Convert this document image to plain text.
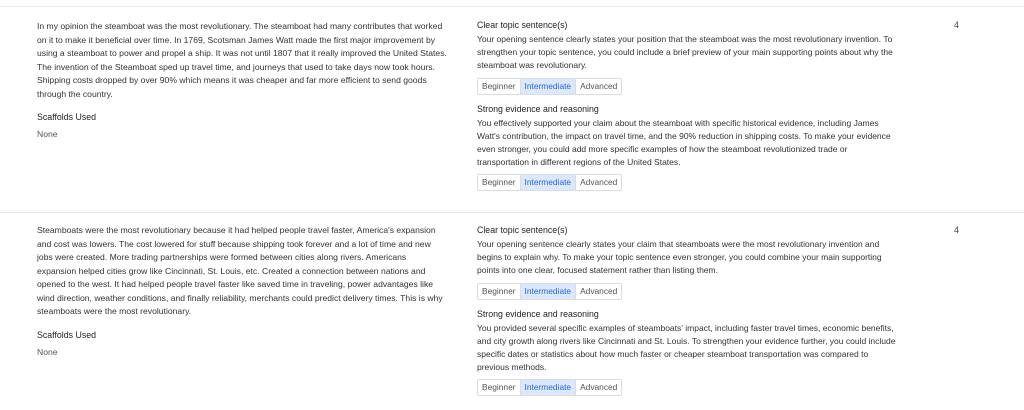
In my opinion the steamboat was the most revolutionary. The steamboat had many contributes that worked on it to make it beneficial over time. In 1769, Scotsman James Watt made the first major improvement by using a steamboat to power and propel a ship. It was not until 1807 that it really improved the United States. The invention of the Steamboat sped up travel time, and journeys that used to take days now took hours. Shipping costs dropped by over 90% which means it was cheaper and far more efficient to send goods through the country.
Scaffolds Used
None

Clear topic sentence(s)

Your opening sentence clearly states your position that the steamboat was the most revolutionary invention. To strengthen your topic sentence, you could include a brief preview of your main supporting points about why the steamboat was revolutionary.

Beginner	Intermediate	Advanced

Strong evidence and reasoning

You effectively supported your claim about the steamboat with specific historical evidence, including James Watt's contribution, the impact on travel time, and the 90% reduction in shipping costs. To make your evidence even stronger, you could add more specific examples of how the steamboat revolutionized trade or transportation in different regions of the United States.

Beginner	Intermediate	Advanced
4
Steamboats were the most revolutionary because it had helped people travel faster, America's expansion and cost was lowers. The cost lowered for stuff because shipping took forever and a lot of time and new jobs were created. More trading partnerships were formed between cities along rivers. Americans expansion helped cities grow like Cincinnati, St. Louis, etc. Created a connection between nations and opened to the west. It had helped people travel faster like saved time in traveling, power advantages like wind direction, weather conditions, and finally reliability, merchants could predict delivery times. This is why steamboats were the most revolutionary.
Scaffolds Used
None

Clear topic sentence(s)

Your opening sentence clearly states your claim that steamboats were the most revolutionary invention and begins to explain why. To make your topic sentence even stronger, you could combine your main supporting points into one clear, focused statement rather than listing them.

Beginner	Intermediate	Advanced

Strong evidence and reasoning

You provided several specific examples of steamboats' impact, including faster travel times, economic benefits, and city growth along rivers like Cincinnati and St. Louis. To strengthen your evidence further, you could include specific dates or statistics about how much faster or cheaper steamboat transportation was compared to previous methods.

Beginner	Intermediate	Advanced
4
